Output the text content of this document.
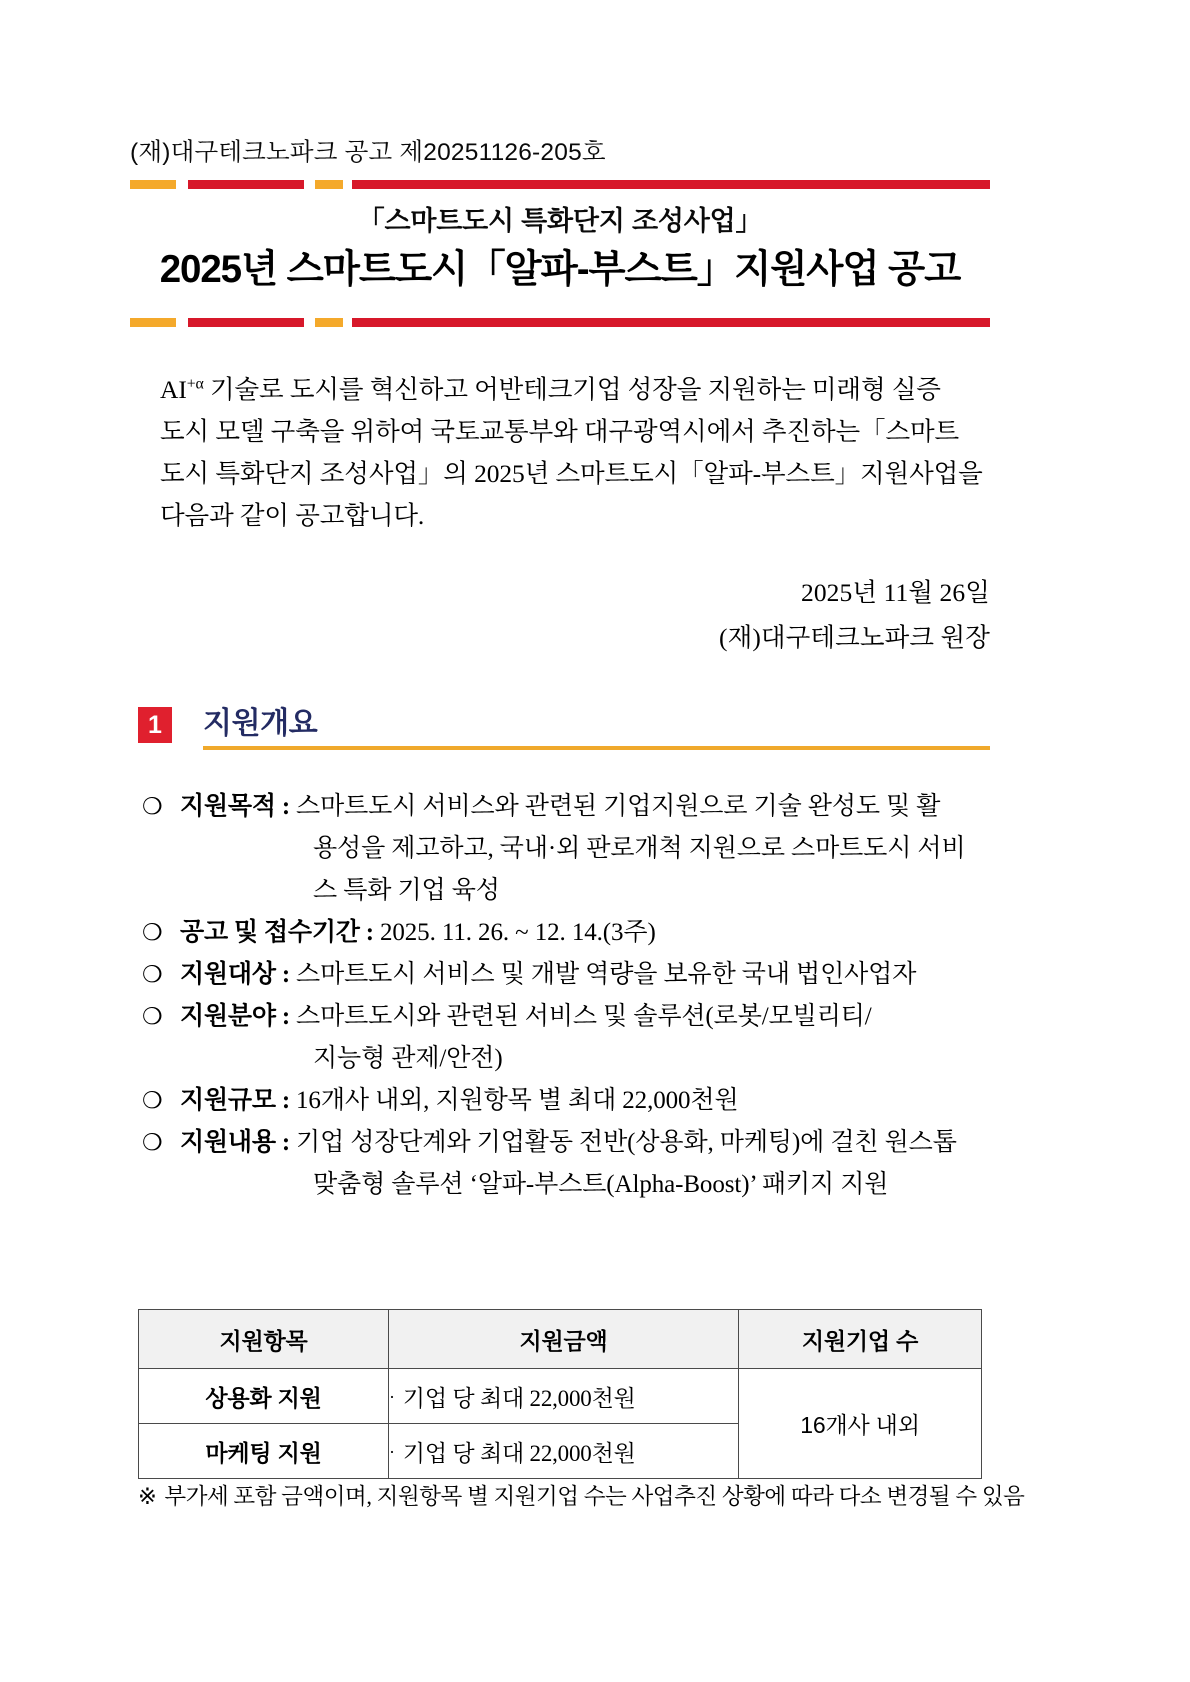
(재)대구테크노파크 공고 제20251126-205호
「스마트도시 특화단지 조성사업」
2025년 스마트도시「알파-부스트」지원사업 공고

$AI^{+\alpha}$ 기술로 도시를 혁신하고 어반테크기업 성장을 지원하는 미래형 실증

도시 모델 구축을 위하여 국토교통부와 대구광역시에서 추진하는「스마트

도시 특화단지 조성사업」의 2025년 스마트도시「알파-부스트」지원사업을

다음과 같이 공고합니다.

2025년 11월 26일
(재)대구테크노파크 원장
1	지원개요
❍ 지원목적 : 스마트도시 서비스와 관련된 기업지원으로 기술 완성도 및 활
용성을 제고하고, 국내·외 판로개척 지원으로 스마트도시 서비
스 특화 기업 육성
❍ 공고 및 접수기간 : 2025. 11. 26. ~ 12. 14.(3주)
❍ 지원대상 : 스마트도시 서비스 및 개발 역량을 보유한 국내 법인사업자
❍ 지원분야 : 스마트도시와 관련된 서비스 및 솔루션(로봇/모빌리티/
지능형 관제/안전)
❍ 지원규모 : 16개사 내외, 지원항목 별 최대 22,000천원
❍ 지원내용 : 기업 성장단계와 기업활동 전반(상용화, 마케팅)에 걸친 원스톱
맞춤형 솔루션 ‘알파-부스트(Alpha-Boost)’ 패키지 지원
지원항목	지원금액	지원기업 수
상용화 지원	· 기업 당 최대 22,000천원	16개사 내외
마케팅 지원	· 기업 당 최대 22,000천원	
※ 부가세 포함 금액이며, 지원항목 별 지원기업 수는 사업추진 상황에 따라 다소 변경될 수 있음
